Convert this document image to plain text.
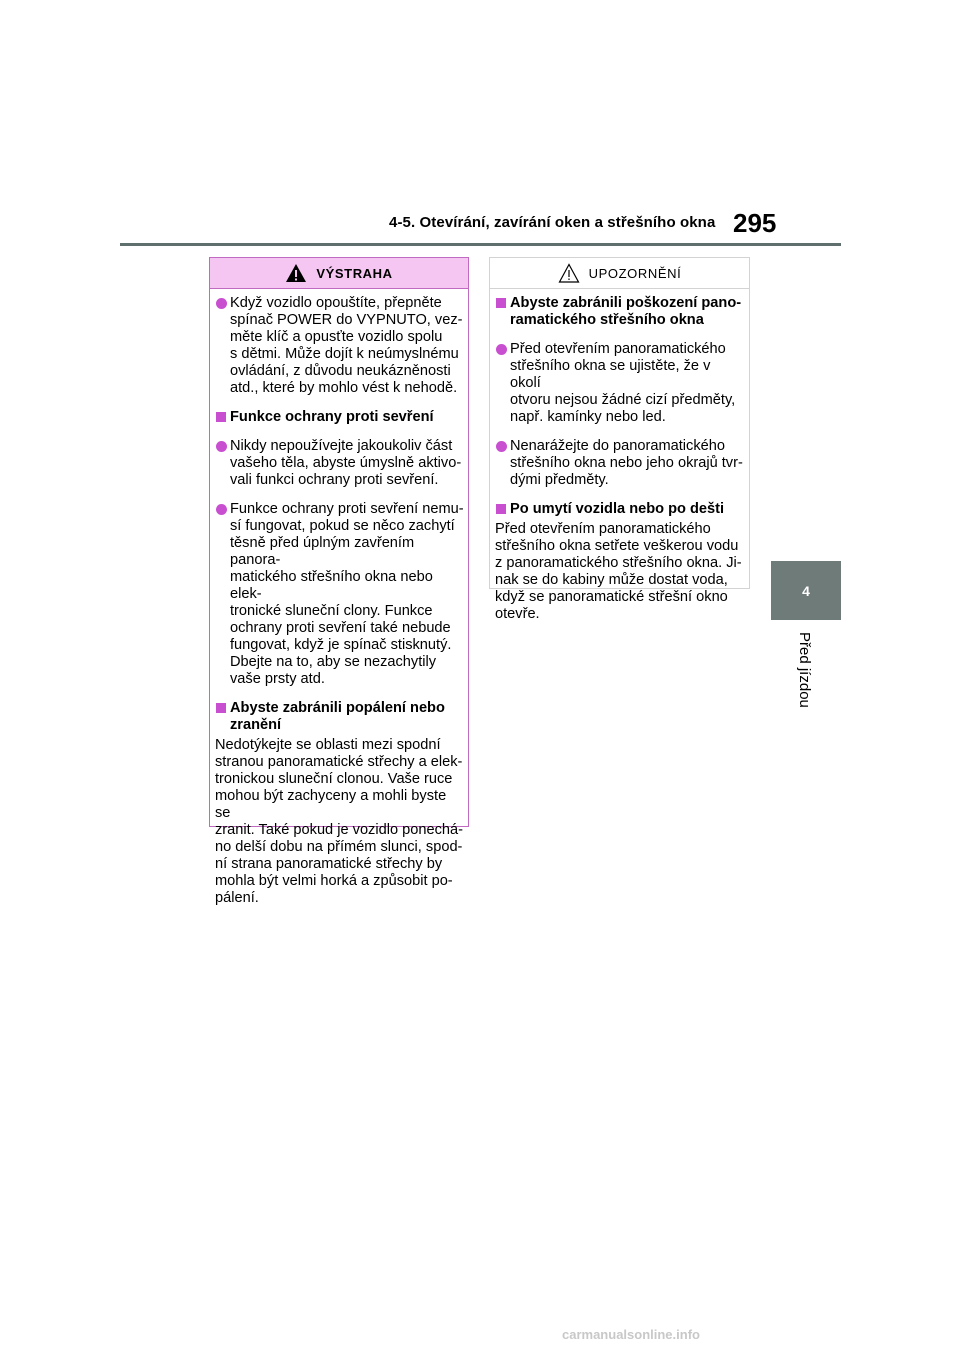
4-5. Otevírání, zavírání oken a střešního okna 295
4
Před jízdou
VÝSTRAHA
Když vozidlo opouštíte, přepněte
spínač POWER do VYPNUTO, vez-
měte klíč a opusťte vozidlo spolu
s dětmi. Může dojít k neúmyslnému
ovládání, z důvodu neukázněnosti
atd., které by mohlo vést k nehodě.
Funkce ochrany proti sevření
Nikdy nepoužívejte jakoukoliv část
vašeho těla, abyste úmyslně aktivo-
vali funkci ochrany proti sevření.
Funkce ochrany proti sevření nemu-
sí fungovat, pokud se něco zachytí
těsně před úplným zavřením panora-
matického střešního okna nebo elek-
tronické sluneční clony. Funkce
ochrany proti sevření také nebude
fungovat, když je spínač stisknutý.
Dbejte na to, aby se nezachytily
vaše prsty atd.
Abyste zabránili popálení nebo
zranění
Nedotýkejte se oblasti mezi spodní
stranou panoramatické střechy a elek-
tronickou sluneční clonou. Vaše ruce
mohou být zachyceny a mohli byste se
zranit. Také pokud je vozidlo ponechá-
no delší dobu na přímém slunci, spod-
ní strana panoramatické střechy by
mohla být velmi horká a způsobit po-
pálení.
UPOZORNĚNÍ
Abyste zabránili poškození pano-
ramatického střešního okna
Před otevřením panoramatického
střešního okna se ujistěte, že v okolí
otvoru nejsou žádné cizí předměty,
např. kamínky nebo led.
Nenarážejte do panoramatického
střešního okna nebo jeho okrajů tvr-
dými předměty.
Po umytí vozidla nebo po dešti
Před otevřením panoramatického
střešního okna setřete veškerou vodu
z panoramatického střešního okna. Ji-
nak se do kabiny může dostat voda,
když se panoramatické střešní okno
otevře.
carmanualsonline.info
